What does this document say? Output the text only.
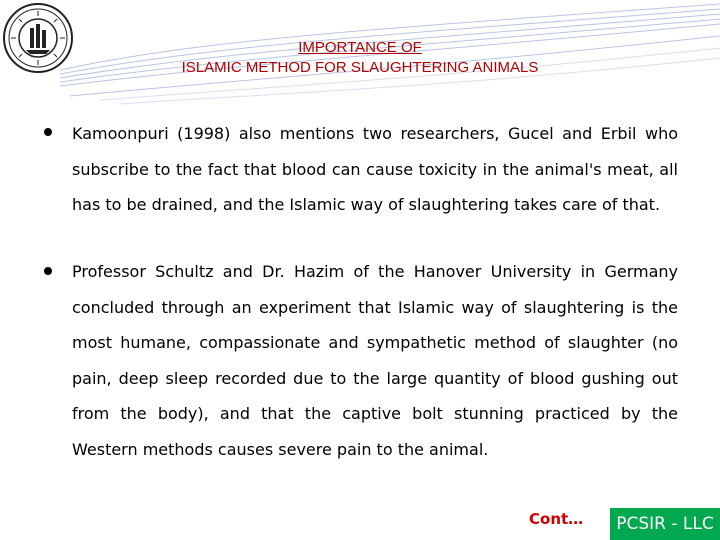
IMPORTANCE OF
ISLAMIC METHOD FOR SLAUGHTERING ANIMALS

Kamoonpuri (1998) also mentions two researchers, Gucel and Erbil who subscribe to the fact that blood can cause toxicity in the animal's meat, all has to be drained, and the Islamic way of slaughtering takes care of that.

Professor Schultz and Dr. Hazim of the Hanover University in Germany concluded through an experiment that Islamic way of slaughtering is the most humane, compassionate and sympathetic method of slaughter (no pain, deep sleep recorded due to the large quantity of blood gushing out from the body), and that the captive bolt stunning practiced by the Western methods causes severe pain to the animal.

Cont…	PCSIR - LLC
